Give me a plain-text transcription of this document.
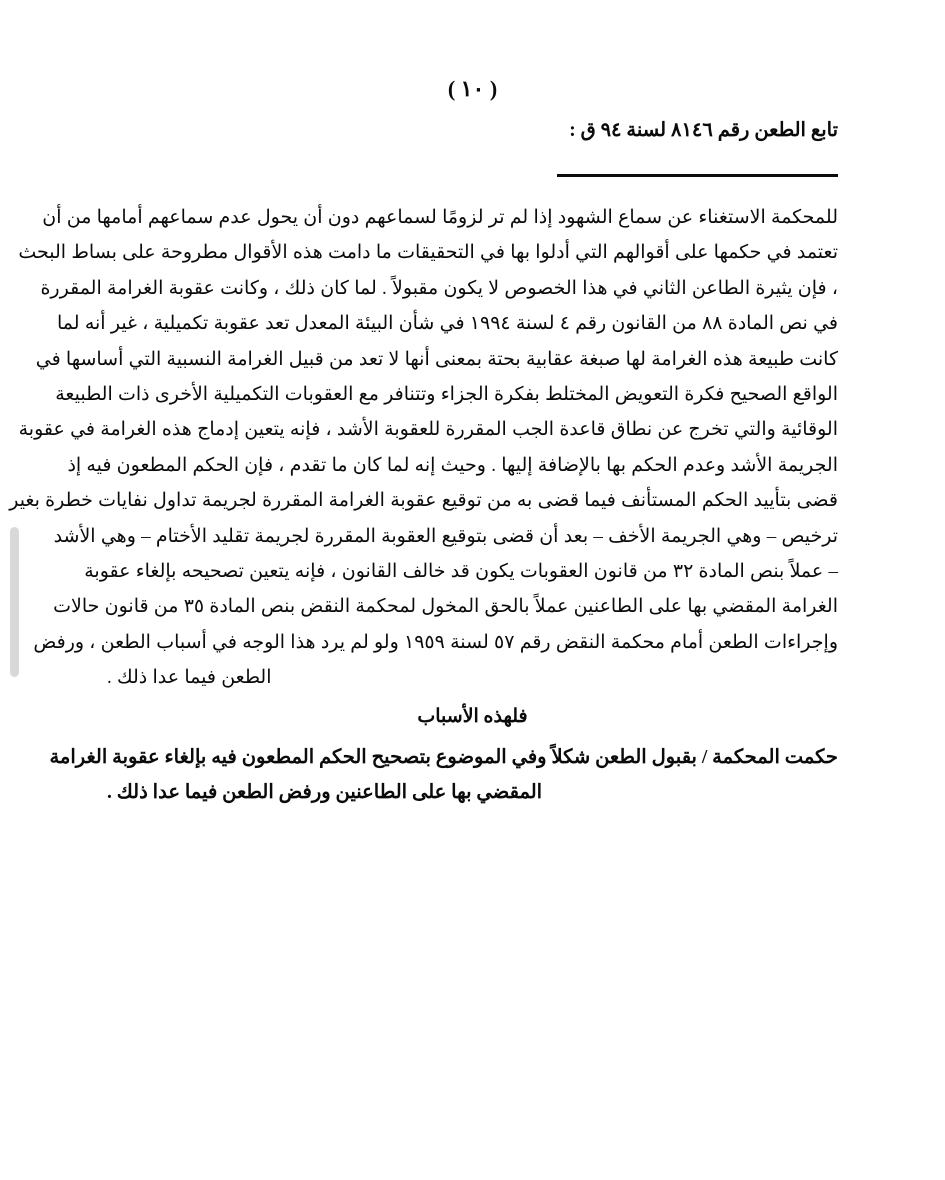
( ١٠ )
تابع الطعن رقم ٨١٤٦ لسنة ٩٤ ق :
للمحكمة الاستغناء عن سماع الشهود إذا لم تر لزومًا لسماعهم دون أن يحول عدم سماعهم أمامها من أن
تعتمد في حكمها على أقوالهم التي أدلوا بها في التحقيقات ما دامت هذه الأقوال مطروحة على بساط البحث
، فإن يثيرة الطاعن الثاني في هذا الخصوص لا يكون مقبولاً . لما كان ذلك ، وكانت عقوبة الغرامة المقررة
في نص المادة ٨٨ من القانون رقم ٤ لسنة ١٩٩٤ في شأن البيئة المعدل تعد عقوبة تكميلية ، غير أنه لما
كانت طبيعة هذه الغرامة لها صبغة عقابية بحتة بمعنى أنها لا تعد من قبيل الغرامة النسبية التي أساسها في
الواقع الصحيح فكرة التعويض المختلط بفكرة الجزاء وتتنافر مع العقوبات التكميلية الأخرى ذات الطبيعة
الوقائية والتي تخرج عن نطاق قاعدة الجب المقررة للعقوبة الأشد ، فإنه يتعين إدماج هذه الغرامة في عقوبة
الجريمة الأشد وعدم الحكم بها بالإضافة إليها . وحيث إنه لما كان ما تقدم ، فإن الحكم المطعون فيه إذ
قضى بتأييد الحكم المستأنف فيما قضى به من توقيع عقوبة الغرامة المقررة لجريمة تداول نفايات خطرة بغير
ترخيص – وهي الجريمة الأخف – بعد أن قضى بتوقيع العقوبة المقررة لجريمة تقليد الأختام – وهي الأشد
– عملاً بنص المادة ٣٢ من قانون العقوبات يكون قد خالف القانون ، فإنه يتعين تصحيحه بإلغاء عقوبة
الغرامة المقضي بها على الطاعنين عملاً بالحق المخول لمحكمة النقض بنص المادة ٣٥ من قانون حالات
وإجراءات الطعن أمام محكمة النقض رقم ٥٧ لسنة ١٩٥٩ ولو لم يرد هذا الوجه في أسباب الطعن ، ورفض
الطعن فيما عدا ذلك .
فلهذه الأسباب
حكمت المحكمة / بقبول الطعن شكلاً وفي الموضوع بتصحيح الحكم المطعون فيه بإلغاء عقوبة الغرامة
المقضي بها على الطاعنين ورفض الطعن فيما عدا ذلك .
